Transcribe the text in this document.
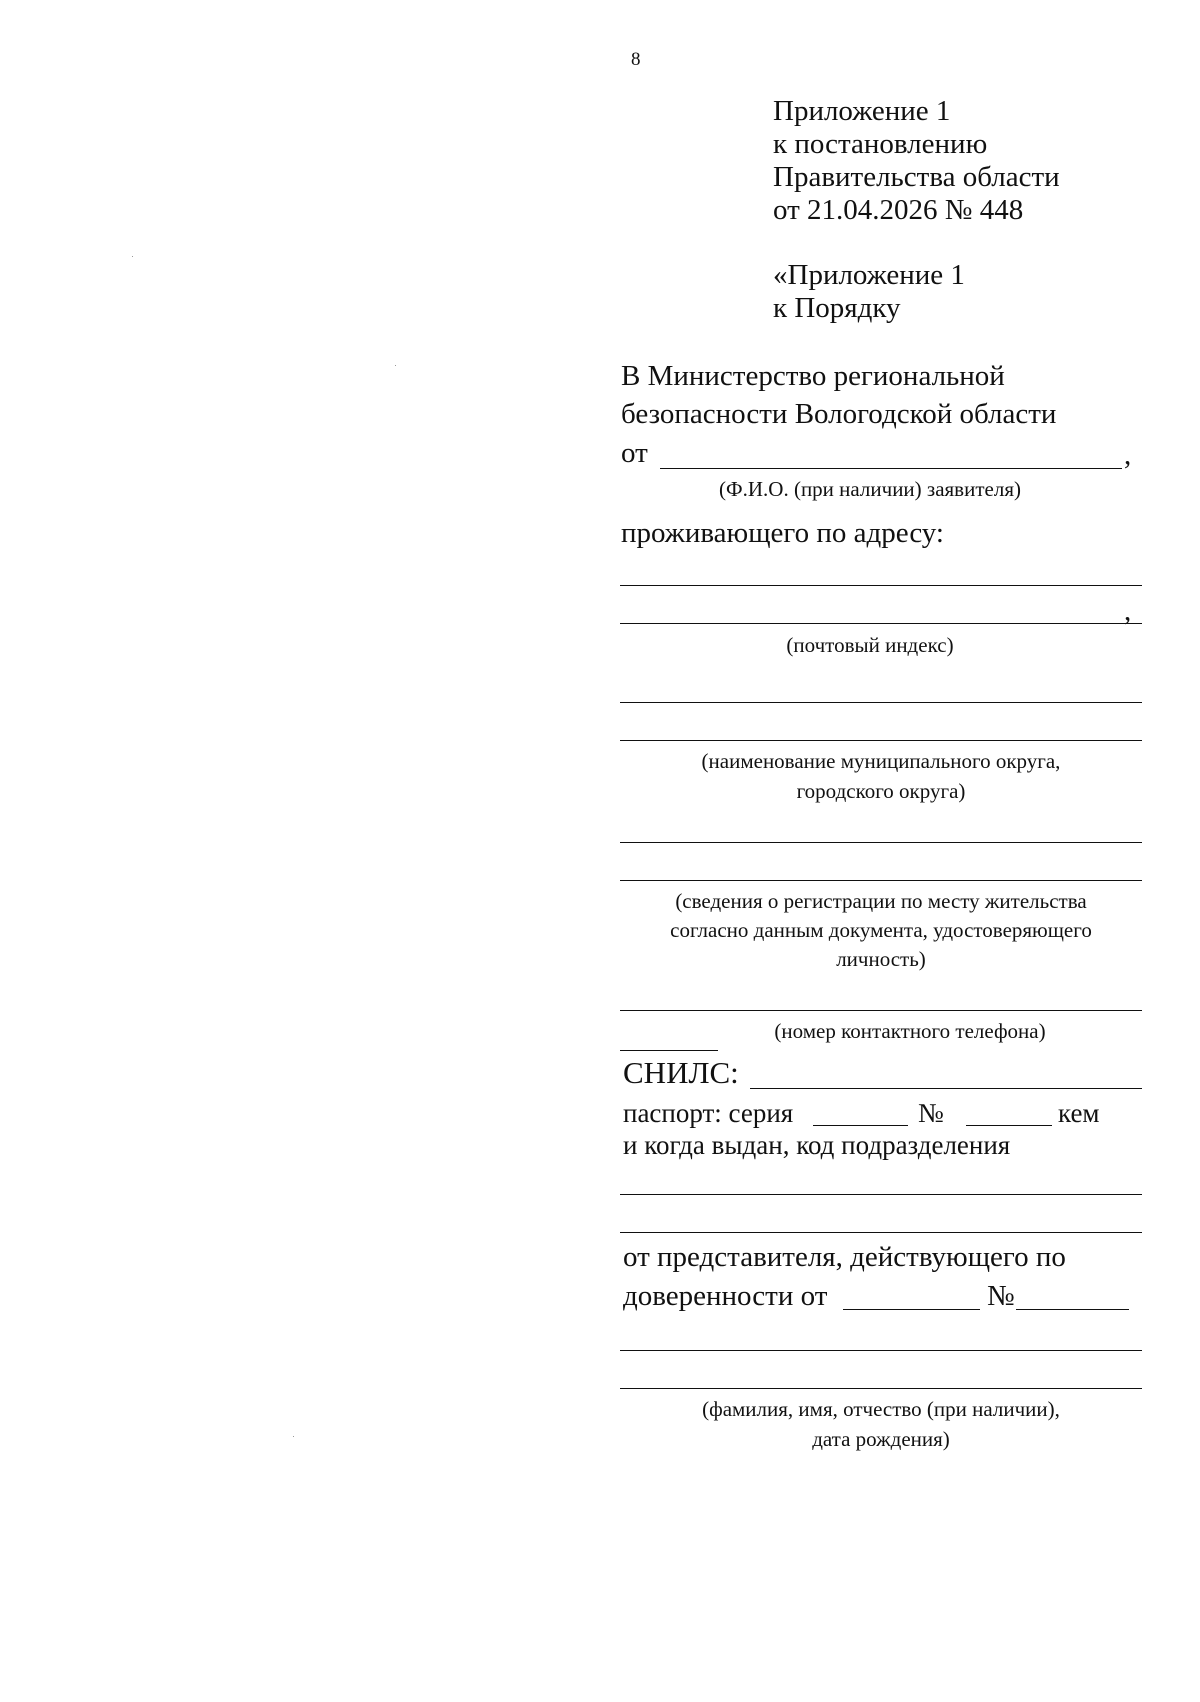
8
Приложение 1
к постановлению
Правительства области
от 21.04.2026 № 448
«Приложение 1
к Порядку
В Министерство региональной
безопасности Вологодской области
от	,
(Ф.И.О. (при наличии) заявителя)
проживающего по адресу:
,
(почтовый индекс)
(наименование муниципального округа,
городского округа)
(сведения о регистрации по месту жительства
согласно данным документа, удостоверяющего
личность)
(номер контактного телефона)
СНИЛС:
паспорт: серия	№	кем
и когда выдан, код подразделения
от представителя, действующего по
доверенности от	№
(фамилия, имя, отчество (при наличии),
дата рождения)
